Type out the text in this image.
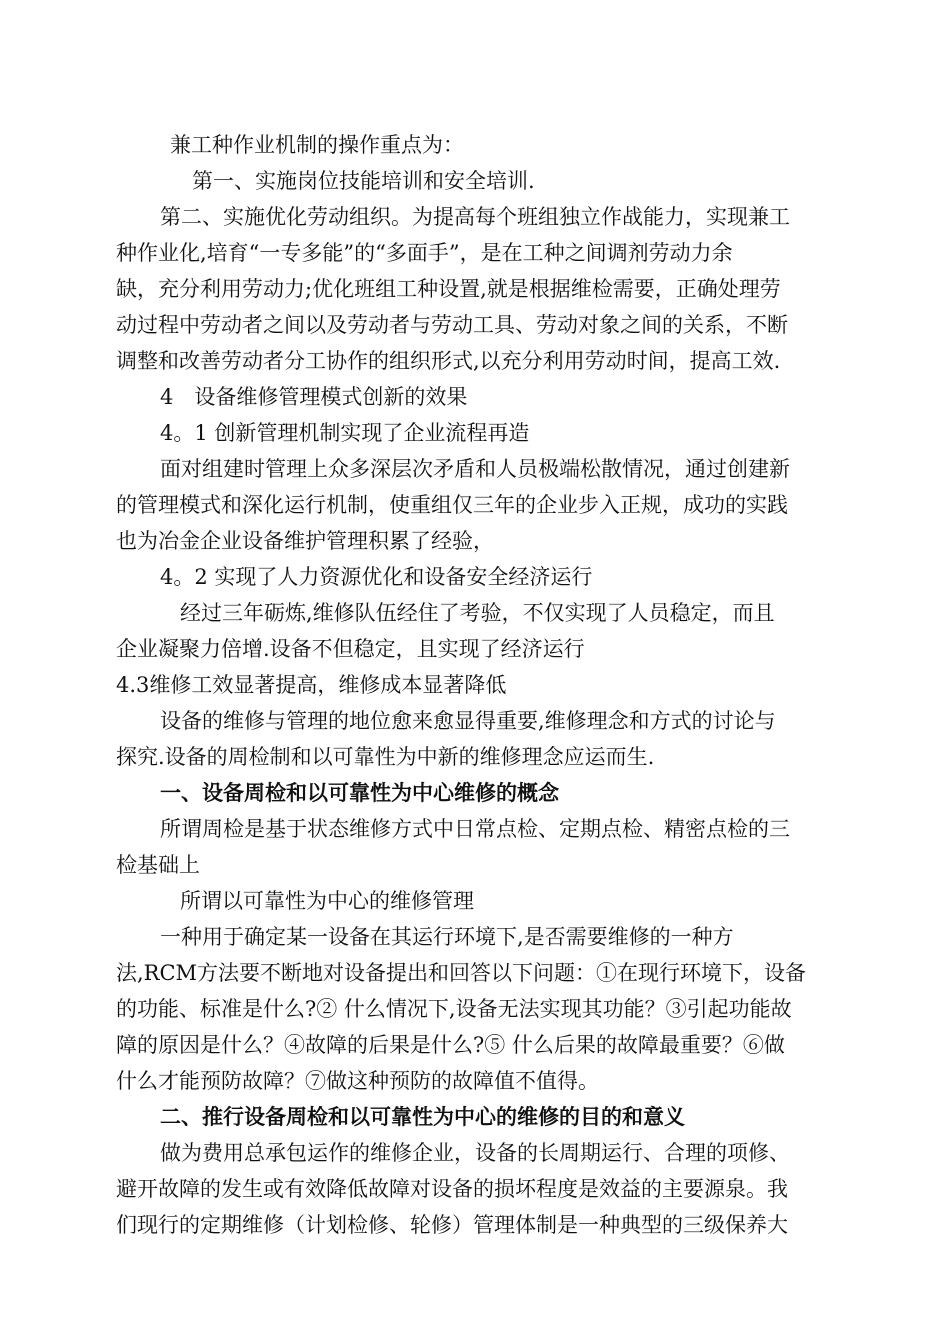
兼工种作业机制的操作重点为：
第一、实施岗位技能培训和安全培训.
第二、实施优化劳动组织。为提高每个班组独立作战能力，实现兼工
种作业化,培育“一专多能”的“多面手”，是在工种之间调剂劳动力余
缺，充分利用劳动力;优化班组工种设置,就是根据维检需要，正确处理劳
动过程中劳动者之间以及劳动者与劳动工具、劳动对象之间的关系，不断
调整和改善劳动者分工协作的组织形式,以充分利用劳动时间，提高工效.
4　设备维修管理模式创新的效果
4。1 创新管理机制实现了企业流程再造
面对组建时管理上众多深层次矛盾和人员极端松散情况，通过创建新
的管理模式和深化运行机制，使重组仅三年的企业步入正规，成功的实践
也为冶金企业设备维护管理积累了经验，
4。2 实现了人力资源优化和设备安全经济运行
经过三年砺炼,维修队伍经住了考验，不仅实现了人员稳定，而且
企业凝聚力倍增.设备不但稳定，且实现了经济运行
4.3维修工效显著提高，维修成本显著降低
设备的维修与管理的地位愈来愈显得重要,维修理念和方式的讨论与
探究.设备的周检制和以可靠性为中新的维修理念应运而生.
一、设备周检和以可靠性为中心维修的概念
所谓周检是基于状态维修方式中日常点检、定期点检、精密点检的三
检基础上
所谓以可靠性为中心的维修管理
一种用于确定某一设备在其运行环境下,是否需要维修的一种方
法,RCM方法要不断地对设备提出和回答以下问题：①在现行环境下，设备
的功能、标准是什么?② 什么情况下,设备无法实现其功能？③引起功能故
障的原因是什么？④故障的后果是什么?⑤ 什么后果的故障最重要？⑥做
什么才能预防故障？⑦做这种预防的故障值不值得。
二、推行设备周检和以可靠性为中心的维修的目的和意义
做为费用总承包运作的维修企业，设备的长周期运行、合理的项修、
避开故障的发生或有效降低故障对设备的损坏程度是效益的主要源泉。我
们现行的定期维修（计划检修、轮修）管理体制是一种典型的三级保养大
